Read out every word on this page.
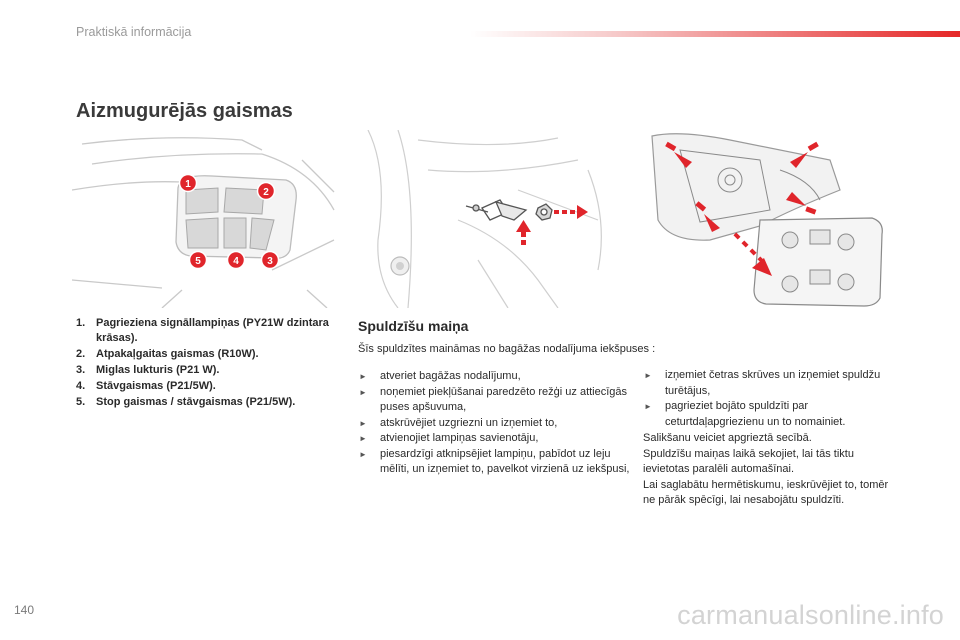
Praktiskā informācija
Aizmugurējās gaismas
1
2
3
4
5
1. Pagrieziena signāllampiņas (PY21W dzintara krāsas).
2. Atpakaļgaitas gaismas (R10W).
3. Miglas lukturis (P21 W).
4. Stāvgaismas (P21/5W).
5. Stop gaismas / stāvgaismas (P21/5W).
Spuldzīšu maiņa

Šīs spuldzītes maināmas no bagāžas nodalījuma iekšpuses :

► atveriet bagāžas nodalījumu,
► noņemiet piekļūšanai paredzēto režģi uz attiecīgās puses apšuvuma,
► atskrūvējiet uzgriezni un izņemiet to,
► atvienojiet lampiņas savienotāju,
► piesardzīgi atknipsējiet lampiņu, pabīdot uz leju mēlīti, un izņemiet to, pavelkot virzienā uz iekšpusi,
► izņemiet četras skrūves un izņemiet spuldžu turētājus,
► pagrieziet bojāto spuldzīti par ceturtdaļapgriezienu un to nomainiet.

Salikšanu veiciet apgrieztā secībā.

Spuldzīšu maiņas laikā sekojiet, lai tās tiktu ievietotas paralēli automašīnai.

Lai saglabātu hermētiskumu, ieskrūvējiet to, tomēr ne pārāk spēcīgi, lai nesabojātu spuldzīti.

140	carmanualsonline.info
